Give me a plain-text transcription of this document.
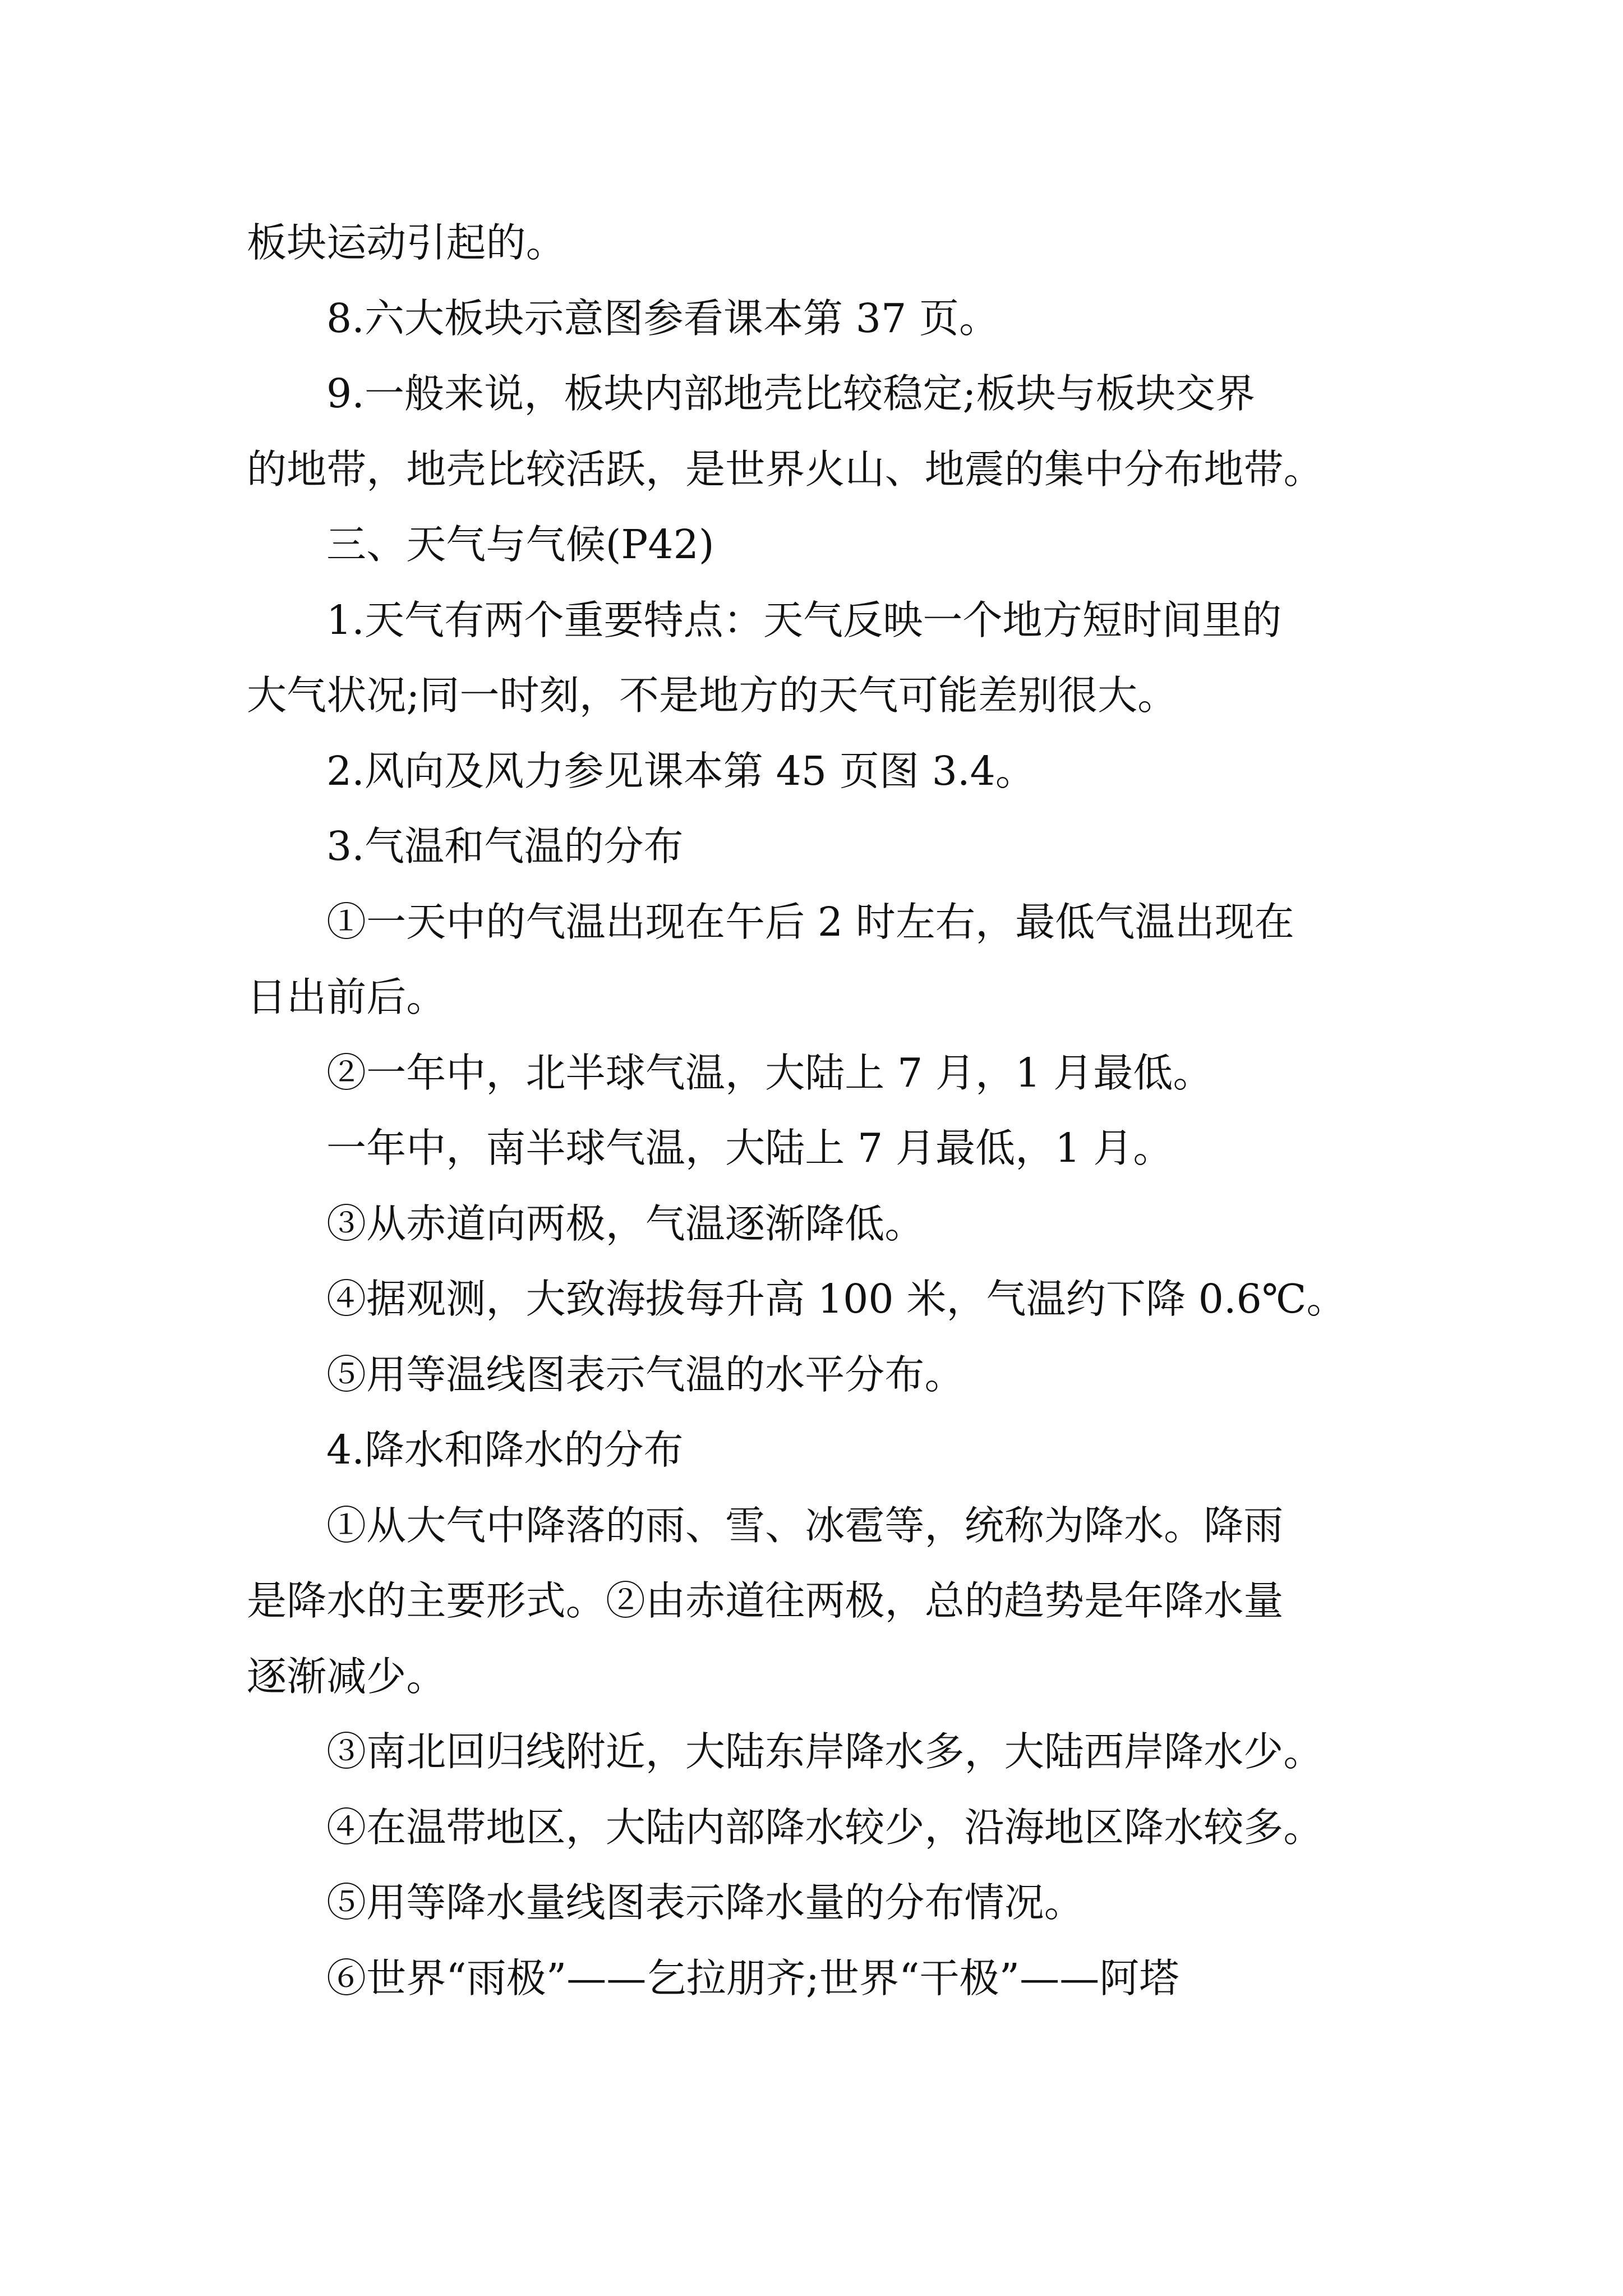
板块运动引起的。
8.六大板块示意图参看课本第 37 页。
9.一般来说，板块内部地壳比较稳定;板块与板块交界
的地带，地壳比较活跃，是世界火山、地震的集中分布地带。
三、天气与气候(P42)
1.天气有两个重要特点：天气反映一个地方短时间里的
大气状况;同一时刻，不是地方的天气可能差别很大。
2.风向及风力参见课本第 45 页图 3.4。
3.气温和气温的分布
①一天中的气温出现在午后 2 时左右，最低气温出现在
日出前后。
②一年中，北半球气温，大陆上 7 月，1 月最低。
一年中，南半球气温，大陆上 7 月最低，1 月。
③从赤道向两极，气温逐渐降低。
④据观测，大致海拔每升高 100 米，气温约下降 0.6℃。
⑤用等温线图表示气温的水平分布。
4.降水和降水的分布
①从大气中降落的雨、雪、冰雹等，统称为降水。降雨
是降水的主要形式。②由赤道往两极，总的趋势是年降水量
逐渐减少。
③南北回归线附近，大陆东岸降水多，大陆西岸降水少。
④在温带地区，大陆内部降水较少，沿海地区降水较多。
⑤用等降水量线图表示降水量的分布情况。
⑥世界“雨极”——乞拉朋齐;世界“干极”——阿塔
